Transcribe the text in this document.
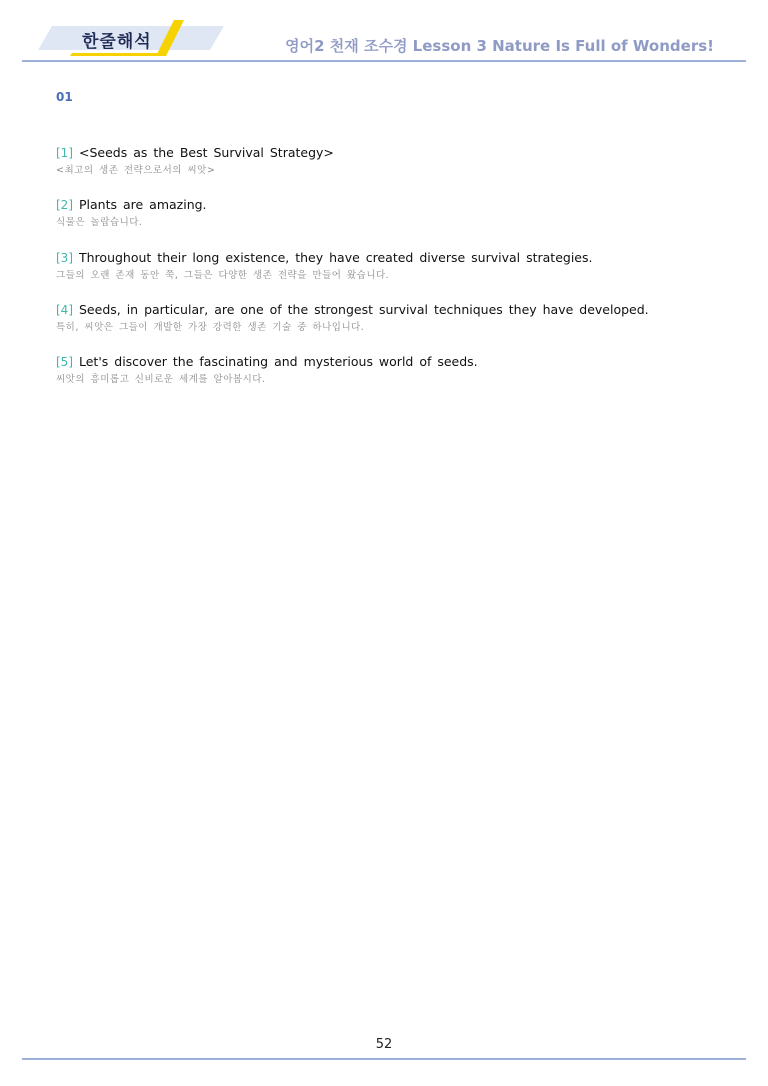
한줄해석	영어2 천재 조수경 Lesson 3 Nature Is Full of Wonders!
01
[1] <Seeds as the Best Survival Strategy>
<최고의 생존 전략으로서의 씨앗>
[2] Plants are amazing.
식물은 놀랍습니다.
[3] Throughout their long existence, they have created diverse survival strategies.
그들의 오랜 존재 동안 쭉, 그들은 다양한 생존 전략을 만들어 왔습니다.
[4] Seeds, in particular, are one of the strongest survival techniques they have developed.
특히, 씨앗은 그들이 개발한 가장 강력한 생존 기술 중 하나입니다.
[5] Let's discover the fascinating and mysterious world of seeds.
씨앗의 흥미롭고 신비로운 세계를 알아봅시다.
52
